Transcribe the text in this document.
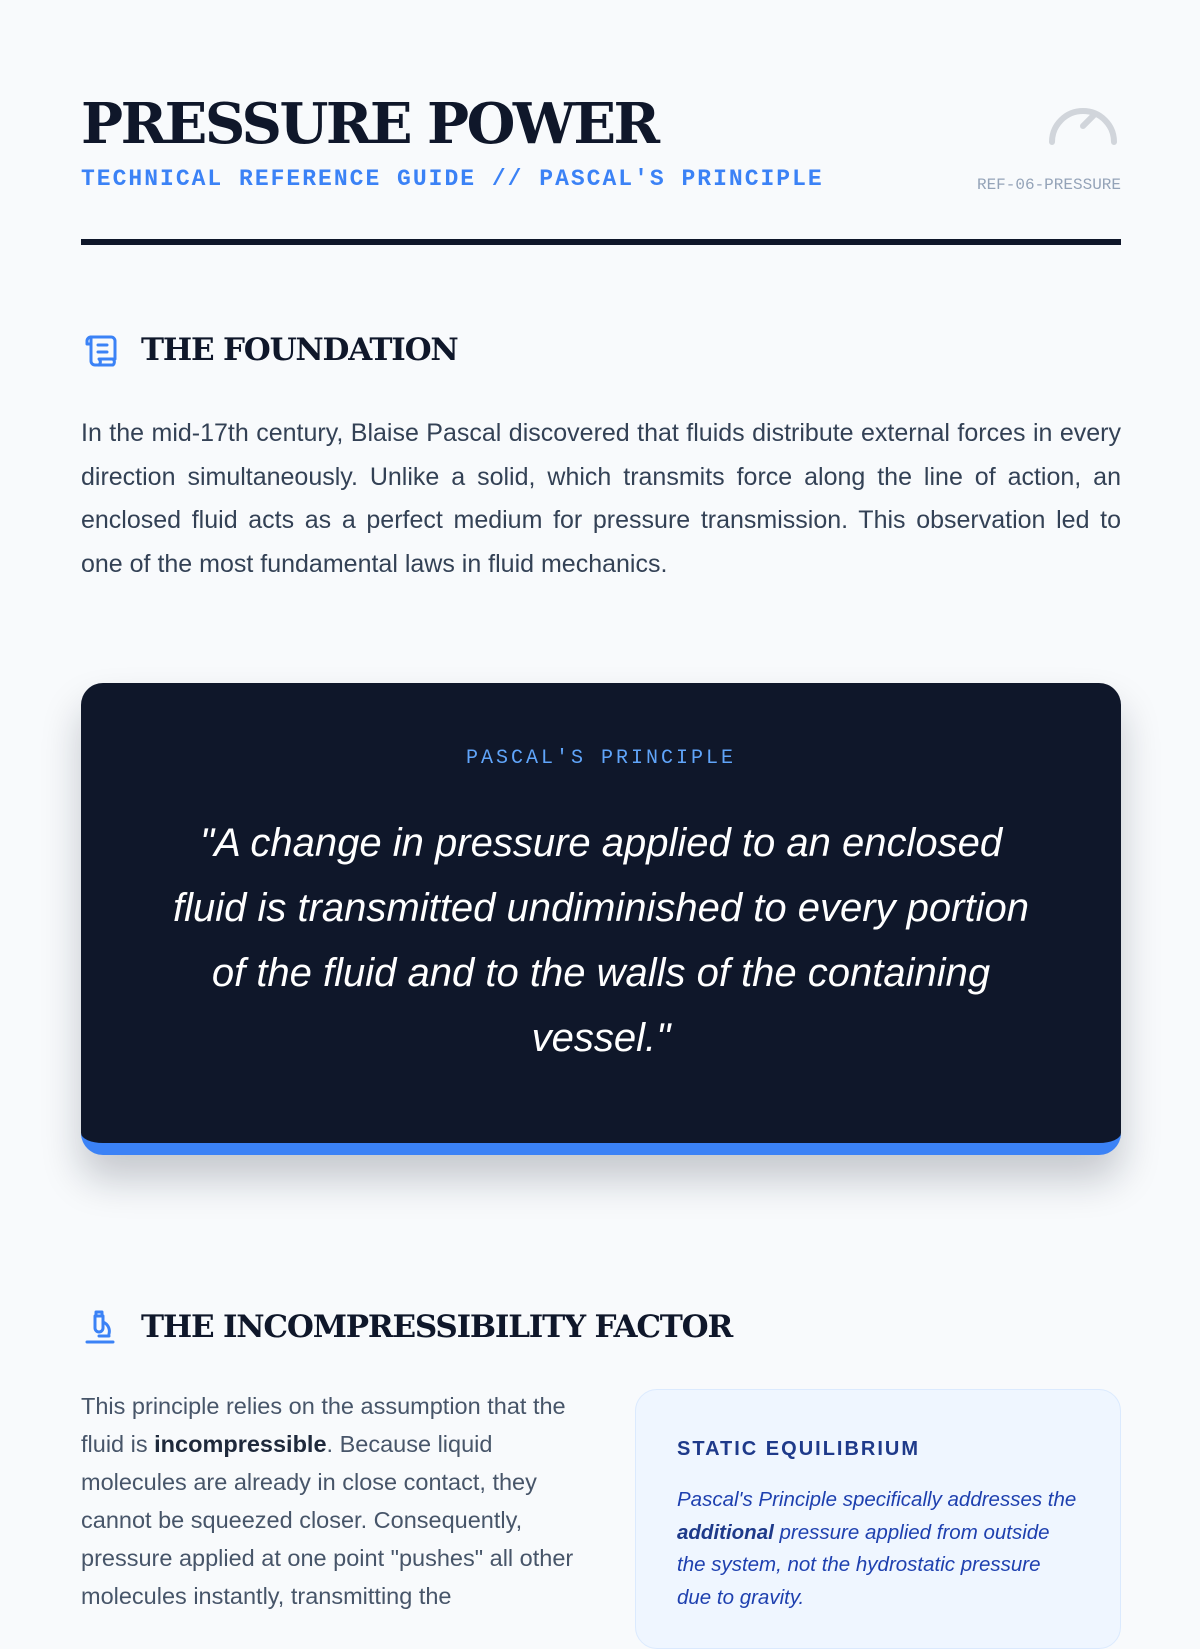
PRESSURE POWER
TECHNICAL REFERENCE GUIDE // PASCAL'S PRINCIPLE	REF-06-PRESSURE
THE FOUNDATION

In the mid-17th century, Blaise Pascal discovered that fluids distribute external forces in every direction simultaneously. Unlike a solid, which transmits force along the line of action, an enclosed fluid acts as a perfect medium for pressure transmission. This observation led to one of the most fundamental laws in fluid mechanics.

PASCAL'S PRINCIPLE

"A change in pressure applied to an enclosed fluid is transmitted undiminished to every portion of the fluid and to the walls of the containing vessel."

THE INCOMPRESSIBILITY FACTOR

This principle relies on the assumption that the fluid is incompressible. Because liquid molecules are already in close contact, they cannot be squeezed closer. Consequently, pressure applied at one point "pushes" all other molecules instantly, transmitting the

STATIC EQUILIBRIUM

Pascal's Principle specifically addresses the additional pressure applied from outside the system, not the hydrostatic pressure due to gravity.
